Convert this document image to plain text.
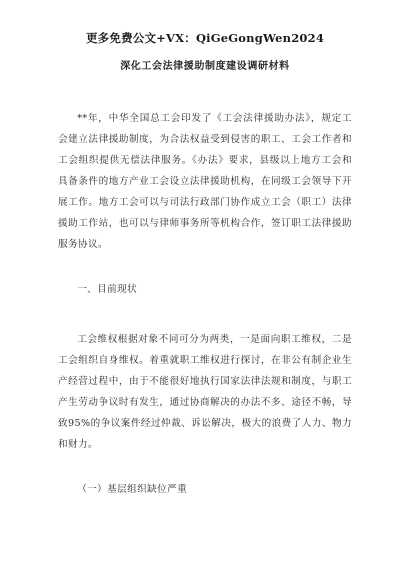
更多免费公文+VX：QiGeGongWen2024

深化工会法律援助制度建设调研材料

**年，中华全国总工会印发了《工会法律援助办法》，规定工会建立法律援助制度，为合法权益受到侵害的职工、工会工作者和工会组织提供无偿法律服务。《办法》要求，县级以上地方工会和具备条件的地方产业工会设立法律援助机构，在同级工会领导下开展工作。地方工会可以与司法行政部门协作成立工会（职工）法律援助工作站，也可以与律师事务所等机构合作，签订职工法律援助服务协议。

一、目前现状

工会维权根据对象不同可分为两类，一是面向职工维权，二是工会组织自身维权。着重就职工维权进行探讨，在非公有制企业生产经营过程中，由于不能很好地执行国家法律法规和制度，与职工产生劳动争议时有发生，通过协商解决的办法不多、途径不畅，导致95%的争议案件经过仲裁、诉讼解决，极大的浪费了人力、物力和财力。

（一）基层组织缺位严重
